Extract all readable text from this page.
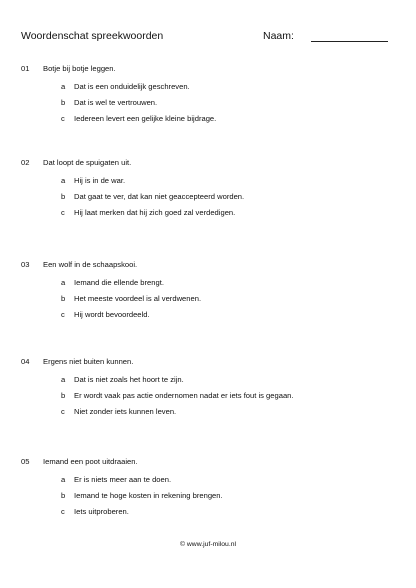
Woordenschat spreekwoorden	Naam:
01 Botje bij botje leggen.
a Dat is een onduidelijk geschreven.
b Dat is wel te vertrouwen.
c Iedereen levert een gelijke kleine bijdrage.
02 Dat loopt de spuigaten uit.
a Hij is in de war.
b Dat gaat te ver, dat kan niet geaccepteerd worden.
c Hij laat merken dat hij zich goed zal verdedigen.
03 Een wolf in de schaapskooi.
a Iemand die ellende brengt.
b Het meeste voordeel is al verdwenen.
c Hij wordt bevoordeeld.
04 Ergens niet buiten kunnen.
a Dat is niet zoals het hoort te zijn.
b Er wordt vaak pas actie ondernomen nadat er iets fout is gegaan.
c Niet zonder iets kunnen leven.
05 Iemand een poot uitdraaien.
a Er is niets meer aan te doen.
b Iemand te hoge kosten in rekening brengen.
c Iets uitproberen.
© www.juf-milou.nl
